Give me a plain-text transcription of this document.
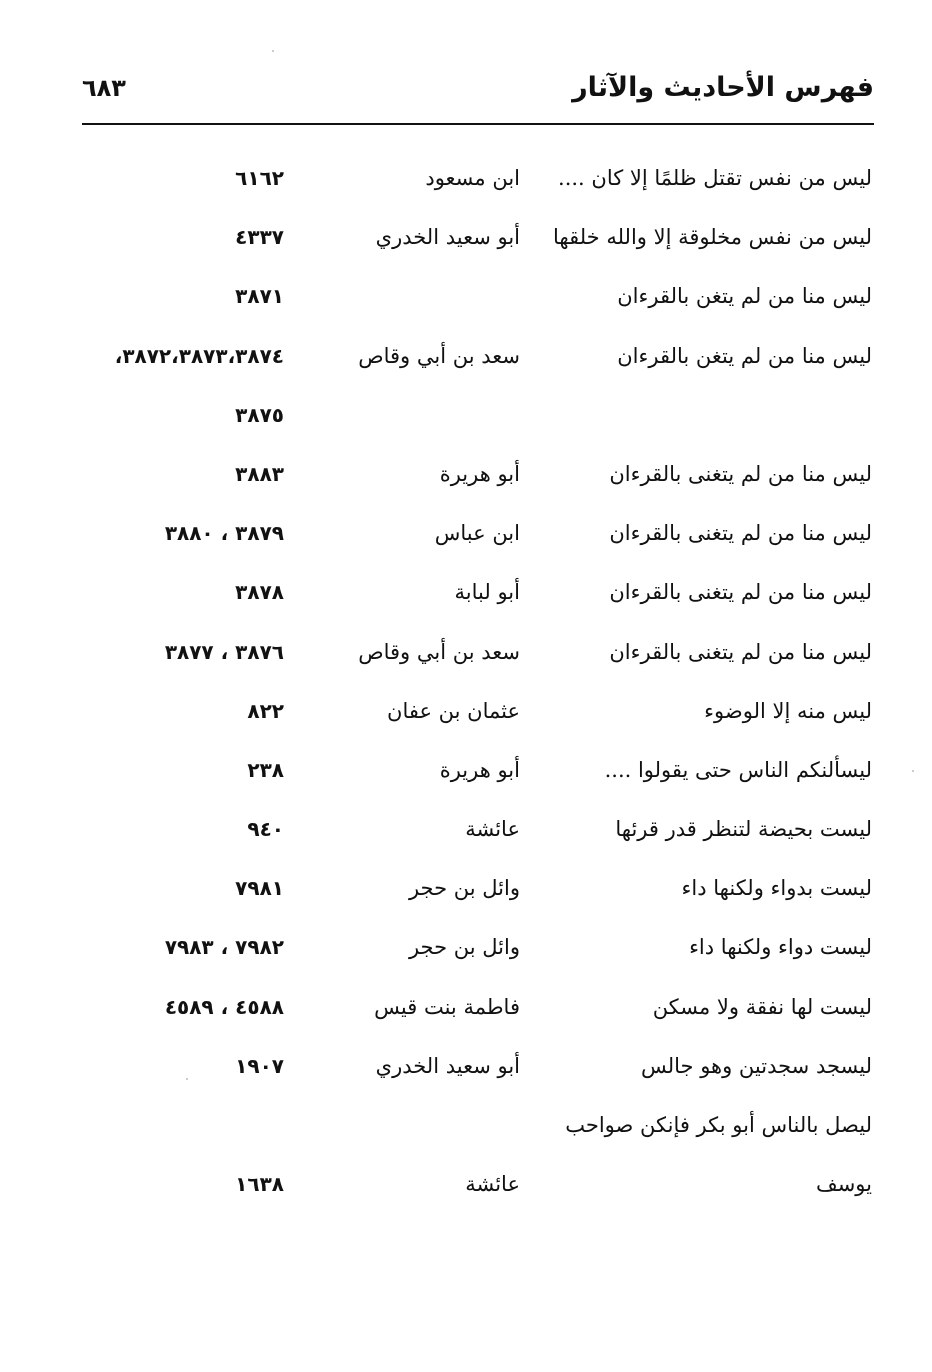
فهرس الأحاديث والآثار
٦٨٣
ليس من نفس تقتل ظلمًا إلا كان ....
ابن مسعود
٦١٦٢
ليس من نفس مخلوقة إلا والله خلقها
أبو سعيد الخدري
٤٣٣٧
ليس منا من لم يتغن بالقرءان
٣٨٧١
ليس منا من لم يتغن بالقرءان
سعد بن أبي وقاص
٣٨٧٢،٣٨٧٣،٣٨٧٤،
٣٨٧٥
ليس منا من لم يتغنى بالقرءان
أبو هريرة
٣٨٨٣
ليس منا من لم يتغنى بالقرءان
ابن عباس
٣٨٧٩ ، ٣٨٨٠
ليس منا من لم يتغنى بالقرءان
أبو لبابة
٣٨٧٨
ليس منا من لم يتغنى بالقرءان
سعد بن أبي وقاص
٣٨٧٦ ، ٣٨٧٧
ليس منه إلا الوضوء
عثمان بن عفان
٨٢٢
ليسألنكم الناس حتى يقولوا ....
أبو هريرة
٢٣٨
ليست بحيضة لتنظر قدر قرئها
عائشة
٩٤٠
ليست بدواء ولكنها داء
وائل بن حجر
٧٩٨١
ليست دواء ولكنها داء
وائل بن حجر
٧٩٨٢ ، ٧٩٨٣
ليست لها نفقة ولا مسكن
فاطمة بنت قيس
٤٥٨٨ ، ٤٥٨٩
ليسجد سجدتين وهو جالس
أبو سعيد الخدري
١٩٠٧
ليصل بالناس أبو بكر فإنكن صواحب
يوسف
عائشة
١٦٣٨
